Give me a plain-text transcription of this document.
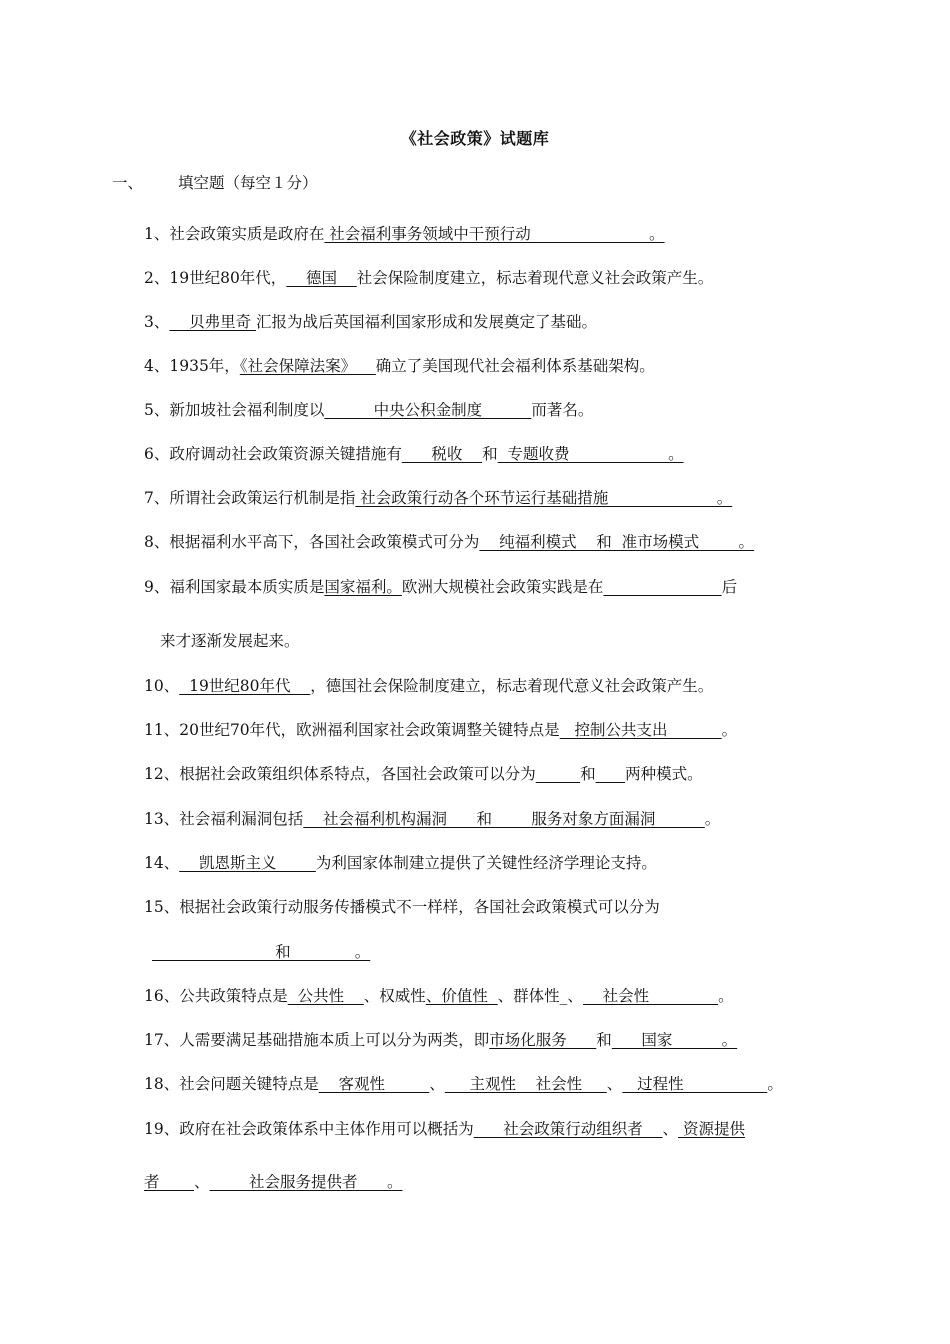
《社会政策》试题库
一、 填空题（每空１分）
1、社会政策实质是政府在 社会福利事务领域中干预行动                        。
2、19世纪80年代，    德国    社会保险制度建立，标志着现代意义社会政策产生。
3、    贝弗里奇 汇报为战后英国福利国家形成和发展奠定了基础。
4、1935年，《社会保障法案》    确立了美国现代社会福利体系基础架构。
5、新加坡社会福利制度以          中央公积金制度          而著名。
6、政府调动社会政策资源关键措施有      税收    和  专题收费                    。
7、所谓社会政策运行机制是指 社会政策行动各个环节运行基础措施                      。
8、根据福利水平高下，各国社会政策模式可分为    纯福利模式    和  准市场模式        。
9、福利国家最本质实质是国家福利。欧洲大规模社会政策实践是在	后
来才逐渐发展起来。
10、  19世纪80年代    ，德国社会保险制度建立，标志着现代意义社会政策产生。
11、20世纪70年代，欧洲福利国家社会政策调整关键特点是   控制公共支出           。
12、根据社会政策组织体系特点，各国社会政策可以分为	和 两种模式。
13、社会福利漏洞包括    社会福利机构漏洞      和        服务对象方面漏洞          。
14、    凯恩斯主义        为利国家体制建立提供了关键性经济学理论支持。
15、根据社会政策行动服务传播模式不一样样，各国社会政策模式可以分为
和             。
16、公共政策特点是  公共性    、权威性、价值性  、群体性_、    社会性              。
17、人需要满足基础措施本质上可以分为两类，即市场化服务      和      国家          。
18、社会问题关键特点是    客观性         、     主观性    社会性     、   过程性                 。
19、政府在社会政策体系中主体作用可以概括为      社会政策行动组织者    、 资源提供
者 、        社会服务提供者      。
